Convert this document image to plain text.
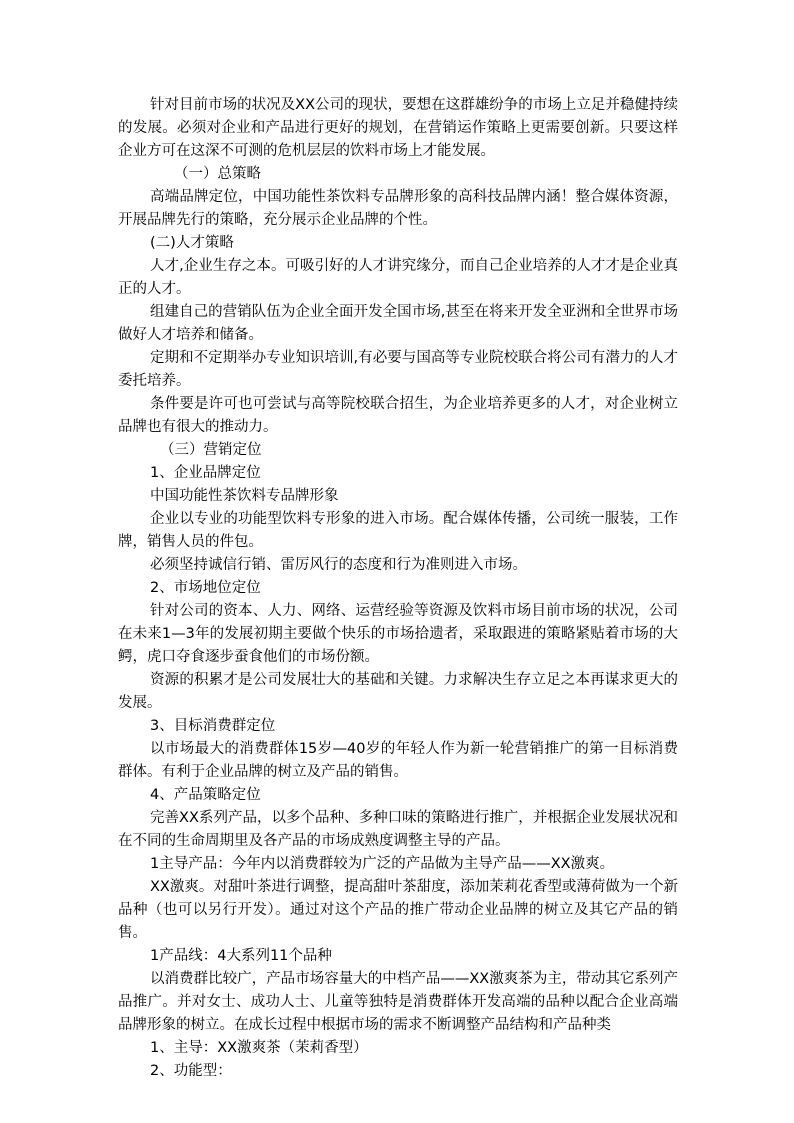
针对目前市场的状况及XX公司的现状，要想在这群雄纷争的市场上立足并稳健持续的发展。必须对企业和产品进行更好的规划，在营销运作策略上更需要创新。只要这样企业方可在这深不可测的危机层层的饮料市场上才能发展。

（一）总策略

高端品牌定位，中国功能性茶饮料专品牌形象的高科技品牌内涵！整合媒体资源，开展品牌先行的策略，充分展示企业品牌的个性。

(二)人才策略

人才,企业生存之本。可吸引好的人才讲究缘分，而自己企业培养的人才才是企业真正的人才。

组建自己的营销队伍为企业全面开发全国市场,甚至在将来开发全亚洲和全世界市场做好人才培养和储备。

定期和不定期举办专业知识培训,有必要与国高等专业院校联合将公司有潜力的人才委托培养。

条件要是许可也可尝试与高等院校联合招生，为企业培养更多的人才，对企业树立品牌也有很大的推动力。

（三）营销定位

1、企业品牌定位

中国功能性茶饮料专品牌形象

企业以专业的功能型饮料专形象的进入市场。配合媒体传播，公司统一服装，工作牌，销售人员的件包。

必须坚持诚信行销、雷厉风行的态度和行为准则进入市场。

2、市场地位定位

针对公司的资本、人力、网络、运营经验等资源及饮料市场目前市场的状况，公司在未来1—3年的发展初期主要做个快乐的市场拾遗者，采取跟进的策略紧贴着市场的大鳄，虎口夺食逐步蚕食他们的市场份额。

资源的积累才是公司发展壮大的基础和关键。力求解决生存立足之本再谋求更大的发展。

3、目标消费群定位

以市场最大的消费群体15岁—40岁的年轻人作为新一轮营销推广的第一目标消费群体。有利于企业品牌的树立及产品的销售。

4、产品策略定位

完善XX系列产品，以多个品种、多种口味的策略进行推广，并根据企业发展状况和在不同的生命周期里及各产品的市场成熟度调整主导的产品。

1主导产品：今年内以消费群较为广泛的产品做为主导产品——XX激爽。

XX激爽。对甜叶茶进行调整，提高甜叶茶甜度，添加茉莉花香型或薄荷做为一个新品种（也可以另行开发）。通过对这个产品的推广带动企业品牌的树立及其它产品的销售。

1产品线：4大系列11个品种

以消费群比较广，产品市场容量大的中档产品——XX激爽茶为主，带动其它系列产品推广。并对女士、成功人士、儿童等独特是消费群体开发高端的品种以配合企业高端品牌形象的树立。在成长过程中根据市场的需求不断调整产品结构和产品种类

1、主导：XX激爽茶（茉莉香型）

2、功能型：
